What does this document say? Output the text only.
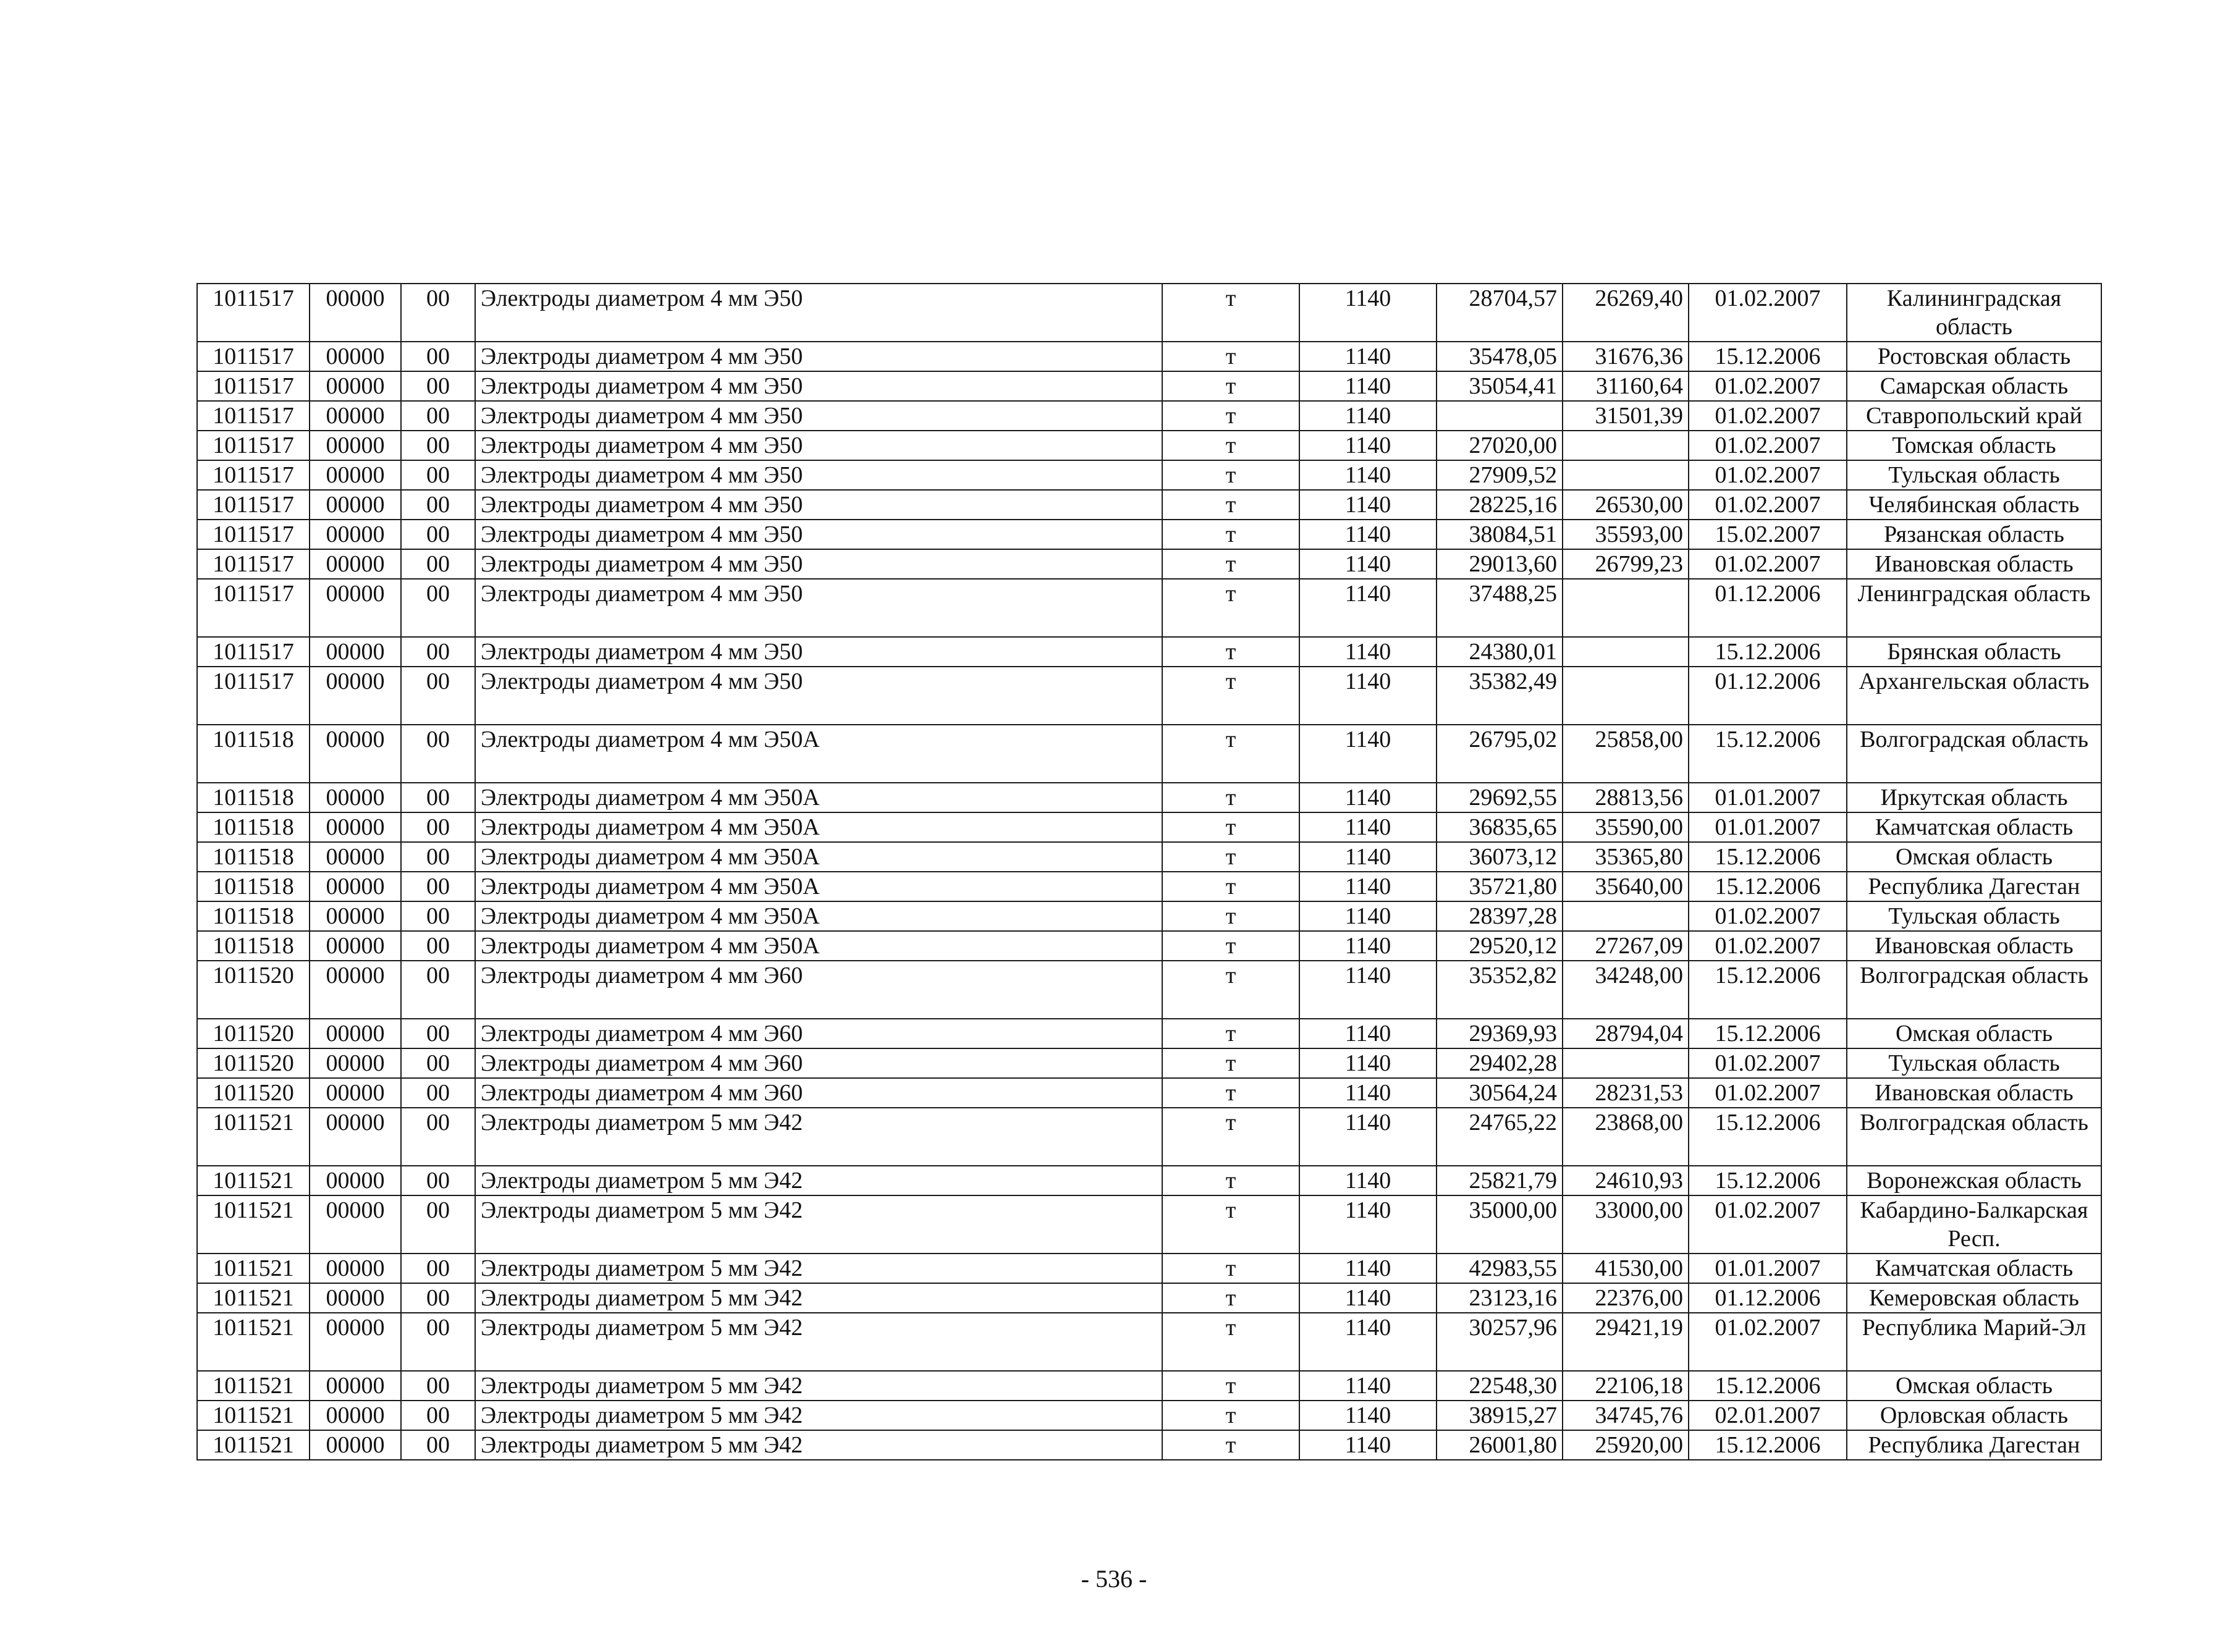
1011517	00000	00	Электроды диаметром 4 мм Э50	т	1140	28704,57	26269,40	01.02.2007	Калининградская область
1011517	00000	00	Электроды диаметром 4 мм Э50	т	1140	35478,05	31676,36	15.12.2006	Ростовская область
1011517	00000	00	Электроды диаметром 4 мм Э50	т	1140	35054,41	31160,64	01.02.2007	Самарская область
1011517	00000	00	Электроды диаметром 4 мм Э50	т	1140		31501,39	01.02.2007	Ставропольский край
1011517	00000	00	Электроды диаметром 4 мм Э50	т	1140	27020,00		01.02.2007	Томская область
1011517	00000	00	Электроды диаметром 4 мм Э50	т	1140	27909,52		01.02.2007	Тульская область
1011517	00000	00	Электроды диаметром 4 мм Э50	т	1140	28225,16	26530,00	01.02.2007	Челябинская область
1011517	00000	00	Электроды диаметром 4 мм Э50	т	1140	38084,51	35593,00	15.02.2007	Рязанская область
1011517	00000	00	Электроды диаметром 4 мм Э50	т	1140	29013,60	26799,23	01.02.2007	Ивановская область
1011517	00000	00	Электроды диаметром 4 мм Э50	т	1140	37488,25		01.12.2006	Ленинградская область
1011517	00000	00	Электроды диаметром 4 мм Э50	т	1140	24380,01		15.12.2006	Брянская область
1011517	00000	00	Электроды диаметром 4 мм Э50	т	1140	35382,49		01.12.2006	Архангельская область
1011518	00000	00	Электроды диаметром 4 мм Э50А	т	1140	26795,02	25858,00	15.12.2006	Волгоградская область
1011518	00000	00	Электроды диаметром 4 мм Э50А	т	1140	29692,55	28813,56	01.01.2007	Иркутская область
1011518	00000	00	Электроды диаметром 4 мм Э50А	т	1140	36835,65	35590,00	01.01.2007	Камчатская область
1011518	00000	00	Электроды диаметром 4 мм Э50А	т	1140	36073,12	35365,80	15.12.2006	Омская область
1011518	00000	00	Электроды диаметром 4 мм Э50А	т	1140	35721,80	35640,00	15.12.2006	Республика Дагестан
1011518	00000	00	Электроды диаметром 4 мм Э50А	т	1140	28397,28		01.02.2007	Тульская область
1011518	00000	00	Электроды диаметром 4 мм Э50А	т	1140	29520,12	27267,09	01.02.2007	Ивановская область
1011520	00000	00	Электроды диаметром 4 мм Э60	т	1140	35352,82	34248,00	15.12.2006	Волгоградская область
1011520	00000	00	Электроды диаметром 4 мм Э60	т	1140	29369,93	28794,04	15.12.2006	Омская область
1011520	00000	00	Электроды диаметром 4 мм Э60	т	1140	29402,28		01.02.2007	Тульская область
1011520	00000	00	Электроды диаметром 4 мм Э60	т	1140	30564,24	28231,53	01.02.2007	Ивановская область
1011521	00000	00	Электроды диаметром 5 мм Э42	т	1140	24765,22	23868,00	15.12.2006	Волгоградская область
1011521	00000	00	Электроды диаметром 5 мм Э42	т	1140	25821,79	24610,93	15.12.2006	Воронежская область
1011521	00000	00	Электроды диаметром 5 мм Э42	т	1140	35000,00	33000,00	01.02.2007	Кабардино-Балкарская Респ.
1011521	00000	00	Электроды диаметром 5 мм Э42	т	1140	42983,55	41530,00	01.01.2007	Камчатская область
1011521	00000	00	Электроды диаметром 5 мм Э42	т	1140	23123,16	22376,00	01.12.2006	Кемеровская область
1011521	00000	00	Электроды диаметром 5 мм Э42	т	1140	30257,96	29421,19	01.02.2007	Республика Марий-Эл
1011521	00000	00	Электроды диаметром 5 мм Э42	т	1140	22548,30	22106,18	15.12.2006	Омская область
1011521	00000	00	Электроды диаметром 5 мм Э42	т	1140	38915,27	34745,76	02.01.2007	Орловская область
1011521	00000	00	Электроды диаметром 5 мм Э42	т	1140	26001,80	25920,00	15.12.2006	Республика Дагестан
- 536 -
